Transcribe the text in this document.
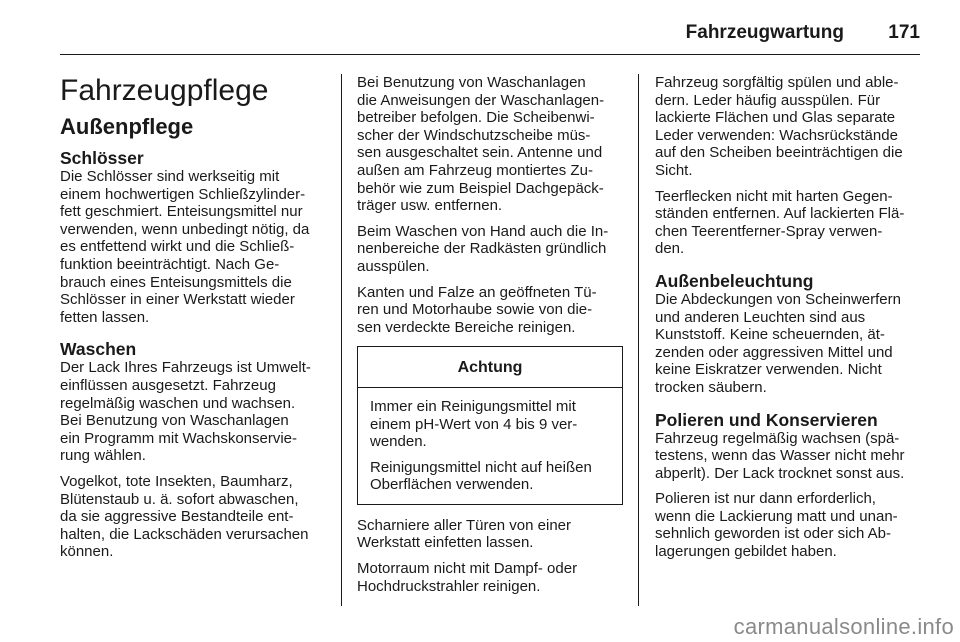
Fahrzeugwartung 171
Fahrzeugpflege
Außenpflege
Schlösser

Die Schlösser sind werkseitig mit
einem hochwertigen Schließzylinder-
fett geschmiert. Enteisungsmittel nur
verwenden, wenn unbedingt nötig, da
es entfettend wirkt und die Schließ-
funktion beeinträchtigt. Nach Ge-
brauch eines Enteisungsmittels die
Schlösser in einer Werkstatt wieder
fetten lassen.

Waschen

Der Lack Ihres Fahrzeugs ist Umwelt-
einflüssen ausgesetzt. Fahrzeug
regelmäßig waschen und wachsen.
Bei Benutzung von Waschanlagen
ein Programm mit Wachskonservie-
rung wählen.

Vogelkot, tote Insekten, Baumharz,
Blütenstaub u. ä. sofort abwaschen,
da sie aggressive Bestandteile ent-
halten, die Lackschäden verursachen
können.

Bei Benutzung von Waschanlagen
die Anweisungen der Waschanlagen-
betreiber befolgen. Die Scheibenwi-
scher der Windschutzscheibe müs-
sen ausgeschaltet sein. Antenne und
außen am Fahrzeug montiertes Zu-
behör wie zum Beispiel Dachgepäck-
träger usw. entfernen.

Beim Waschen von Hand auch die In-
nenbereiche der Radkästen gründlich
ausspülen.

Kanten und Falze an geöffneten Tü-
ren und Motorhaube sowie von die-
sen verdeckte Bereiche reinigen.

Achtung

Immer ein Reinigungsmittel mit
einem pH-Wert von 4 bis 9 ver-
wenden.

Reinigungsmittel nicht auf heißen
Oberflächen verwenden.

Scharniere aller Türen von einer
Werkstatt einfetten lassen.

Motorraum nicht mit Dampf- oder
Hochdruckstrahler reinigen.

Fahrzeug sorgfältig spülen und able-
dern. Leder häufig ausspülen. Für
lackierte Flächen und Glas separate
Leder verwenden: Wachsrückstände
auf den Scheiben beeinträchtigen die
Sicht.

Teerflecken nicht mit harten Gegen-
ständen entfernen. Auf lackierten Flä-
chen Teerentferner-Spray verwen-
den.

Außenbeleuchtung

Die Abdeckungen von Scheinwerfern
und anderen Leuchten sind aus
Kunststoff. Keine scheuernden, ät-
zenden oder aggressiven Mittel und
keine Eiskratzer verwenden. Nicht
trocken säubern.

Polieren und Konservieren

Fahrzeug regelmäßig wachsen (spä-
testens, wenn das Wasser nicht mehr
abperlt). Der Lack trocknet sonst aus.

Polieren ist nur dann erforderlich,
wenn die Lackierung matt und unan-
sehnlich geworden ist oder sich Ab-
lagerungen gebildet haben.

carmanualsonline.info
